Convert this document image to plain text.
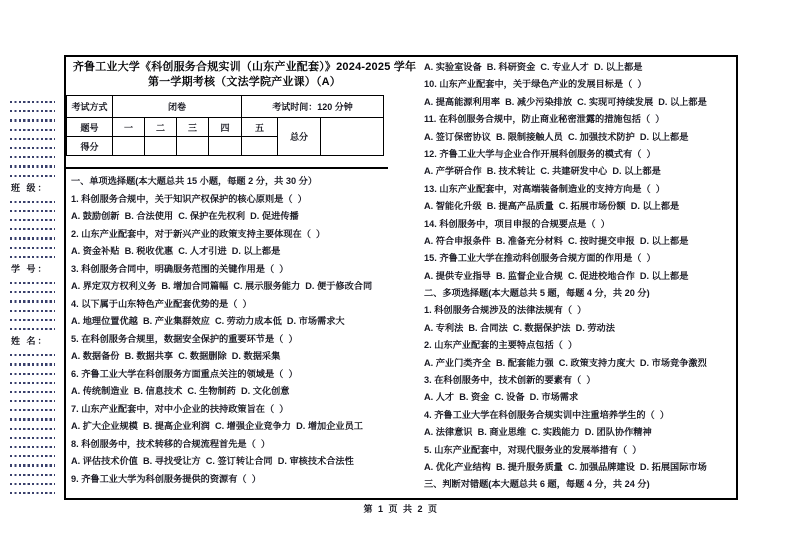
班 级：
学 号：
姓 名：
齐鲁工业大学《科创服务合规实训（山东产业配套）》2024-2025 学年
第一学期考核（文法学院产业课）（A）
考试方式	闭卷				考试时间：120 分钟		
题号	一	二	三	四	五	总分	
得分							
一、单项选择题(本大题总共 15 小题，每题 2 分，共 30 分）
1. 科创服务合规中，关于知识产权保护的核心原则是（  ）
A. 鼓励创新  B. 合法使用  C. 保护在先权利  D. 促进传播
2. 山东产业配套中，对于新兴产业的政策支持主要体现在（  ）
A. 资金补贴  B. 税收优惠  C. 人才引进  D. 以上都是
3. 科创服务合同中，明确服务范围的关键作用是（  ）
A. 界定双方权利义务  B. 增加合同篇幅  C. 展示服务能力  D. 便于修改合同
4. 以下属于山东特色产业配套优势的是（  ）
A. 地理位置优越  B. 产业集群效应  C. 劳动力成本低  D. 市场需求大
5. 在科创服务合规里，数据安全保护的重要环节是（  ）
A. 数据备份  B. 数据共享  C. 数据删除  D. 数据采集
6. 齐鲁工业大学在科创服务方面重点关注的领域是（  ）
A. 传统制造业  B. 信息技术  C. 生物制药  D. 文化创意
7. 山东产业配套中，对中小企业的扶持政策旨在（  ）
A. 扩大企业规模  B. 提高企业利润  C. 增强企业竞争力  D. 增加企业员工
8. 科创服务中，技术转移的合规流程首先是（  ）
A. 评估技术价值  B. 寻找受让方  C. 签订转让合同  D. 审核技术合法性
9. 齐鲁工业大学为科创服务提供的资源有（  ）
A. 实验室设备  B. 科研资金  C. 专业人才  D. 以上都是
10. 山东产业配套中，关于绿色产业的发展目标是（  ）
A. 提高能源利用率  B. 减少污染排放  C. 实现可持续发展  D. 以上都是
11. 在科创服务合规中，防止商业秘密泄露的措施包括（  ）
A. 签订保密协议  B. 限制接触人员  C. 加强技术防护  D. 以上都是
12. 齐鲁工业大学与企业合作开展科创服务的模式有（  ）
A. 产学研合作  B. 技术转让  C. 共建研发中心  D. 以上都是
13. 山东产业配套中，对高端装备制造业的支持方向是（  ）
A. 智能化升级  B. 提高产品质量  C. 拓展市场份额  D. 以上都是
14. 科创服务中，项目申报的合规要点是（  ）
A. 符合申报条件  B. 准备充分材料  C. 按时提交申报  D. 以上都是
15. 齐鲁工业大学在推动科创服务合规方面的作用是（  ）
A. 提供专业指导  B. 监督企业合规  C. 促进校地合作  D. 以上都是
二、多项选择题(本大题总共 5 题，每题 4 分，共 20 分)
1. 科创服务合规涉及的法律法规有（  ）
A. 专利法  B. 合同法  C. 数据保护法  D. 劳动法
2. 山东产业配套的主要特点包括（  ）
A. 产业门类齐全  B. 配套能力强  C. 政策支持力度大  D. 市场竞争激烈
3. 在科创服务中，技术创新的要素有（  ）
A. 人才  B. 资金  C. 设备  D. 市场需求
4. 齐鲁工业大学在科创服务合规实训中注重培养学生的（  ）
A. 法律意识  B. 商业思维  C. 实践能力  D. 团队协作精神
5. 山东产业配套中，对现代服务业的发展举措有（  ）
A. 优化产业结构  B. 提升服务质量  C. 加强品牌建设  D. 拓展国际市场
三、判断对错题(本大题总共 6 题，每题 4 分，共 24 分)
第 1 页 共 2 页
